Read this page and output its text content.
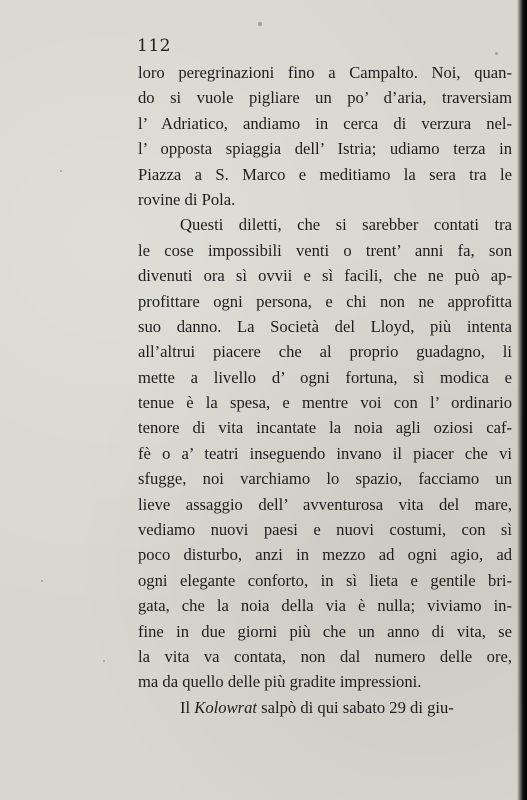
112
loro peregrinazioni fino a Campalto. Noi, quan-
do si vuole pigliare un po’ d’aria, traversiam
l’ Adriatico, andiamo in cerca di verzura nel-
l’ opposta spiaggia dell’ Istria; udiamo terza in
Piazza a S. Marco e meditiamo la sera tra le
rovine di Pola.
Questi diletti, che si sarebber contati tra
le cose impossibili venti o trent’ anni fa, son
divenuti ora sì ovvii e sì facili, che ne può ap-
profittare ogni persona, e chi non ne approfitta
suo danno. La Società del Lloyd, più intenta
all’altrui piacere che al proprio guadagno, li
mette a livello d’ ogni fortuna, sì modica e
tenue è la spesa, e mentre voi con l’ ordinario
tenore di vita incantate la noia agli oziosi caf-
fè o a’ teatri inseguendo invano il piacer che vi
sfugge, noi varchiamo lo spazio, facciamo un
lieve assaggio dell’ avventurosa vita del mare,
vediamo nuovi paesi e nuovi costumi, con sì
poco disturbo, anzi in mezzo ad ogni agio, ad
ogni elegante conforto, in sì lieta e gentile bri-
gata, che la noia della via è nulla; viviamo in-
fine in due giorni più che un anno di vita, se
la vita va contata, non dal numero delle ore,
ma da quello delle più gradite impressioni.
Il Kolowrat salpò di qui sabato 29 di giu-
